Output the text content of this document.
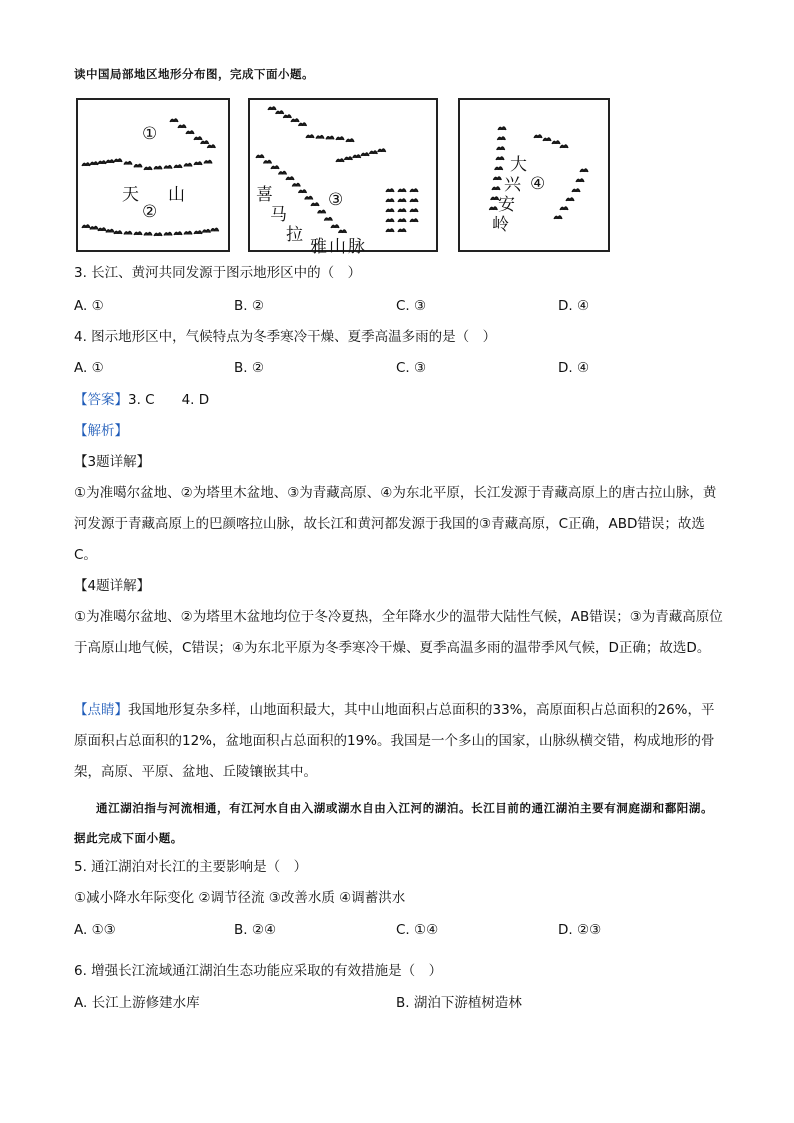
读中国局部地区地形分布图，完成下面小题。
①
天 山
②
喜
马
拉
③
雅山脉
大
兴
安
岭
④
3. 长江、黄河共同发源于图示地形区中的（　）
A. ①	B. ②	C. ③	D. ④
4. 图示地形区中，气候特点为冬季寒冷干燥、夏季高温多雨的是（　）
A. ①	B. ②	C. ③	D. ④
【答案】3. C　　4. D
【解析】
【3题详解】
①为准噶尔盆地、②为塔里木盆地、③为青藏高原、④为东北平原，长江发源于青藏高原上的唐古拉山脉，黄河发源于青藏高原上的巴颜喀拉山脉，故长江和黄河都发源于我国的③青藏高原，C正确，ABD错误；故选C。
【4题详解】
①为准噶尔盆地、②为塔里木盆地均位于冬冷夏热，全年降水少的温带大陆性气候，AB错误；③为青藏高原位于高原山地气候，C错误；④为东北平原为冬季寒冷干燥、夏季高温多雨的温带季风气候，D正确；故选D。
【点睛】我国地形复杂多样，山地面积最大，其中山地面积占总面积的33%，高原面积占总面积的26%，平原面积占总面积的12%，盆地面积占总面积的19%。我国是一个多山的国家，山脉纵横交错，构成地形的骨架，高原、平原、盆地、丘陵镶嵌其中。
通江湖泊指与河流相通，有江河水自由入湖或湖水自由入江河的湖泊。长江目前的通江湖泊主要有洞庭湖和鄱阳湖。据此完成下面小题。
5. 通江湖泊对长江的主要影响是（　）
①减小降水年际变化 ②调节径流 ③改善水质 ④调蓄洪水
A. ①③	B. ②④	C. ①④	D. ②③
6. 增强长江流域通江湖泊生态功能应采取的有效措施是（　）
A. 长江上游修建水库	B. 湖泊下游植树造林
